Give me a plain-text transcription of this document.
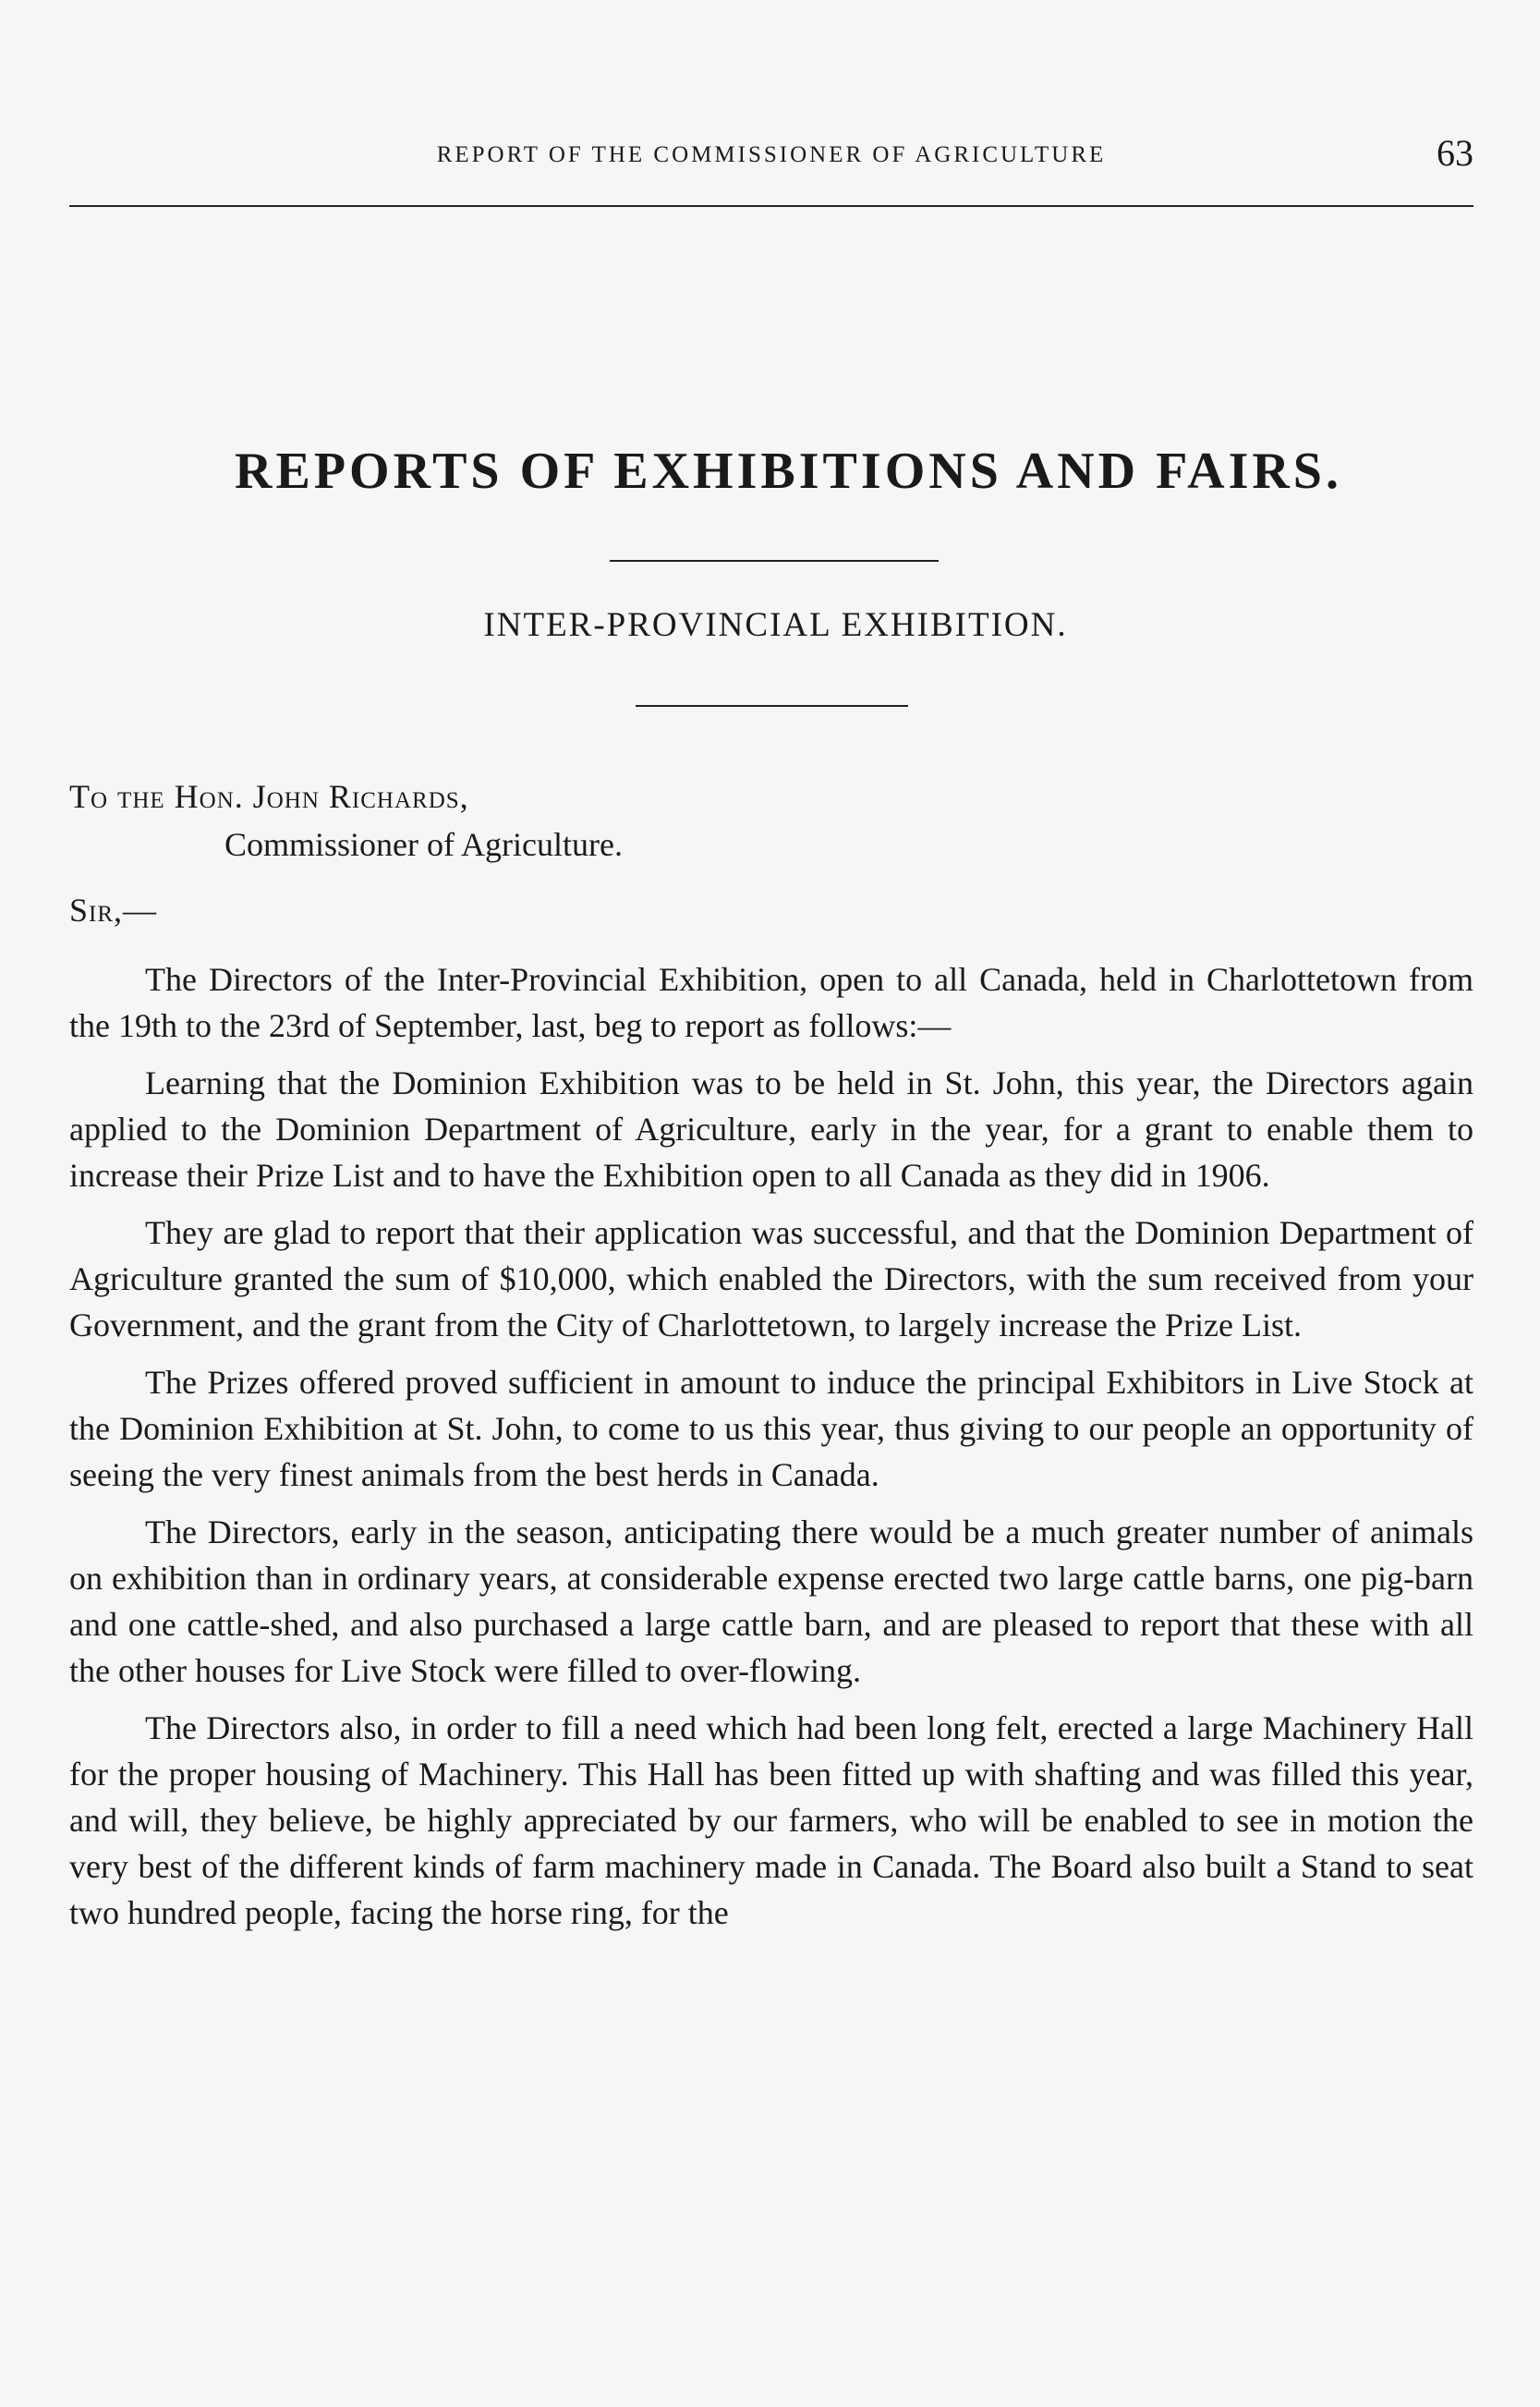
REPORT OF THE COMMISSIONER OF AGRICULTURE	63
REPORTS OF EXHIBITIONS AND FAIRS.
INTER-PROVINCIAL EXHIBITION.
To the Hon. John Richards,
Commissioner of Agriculture.
Sir,—

The Directors of the Inter-Provincial Exhibition, open to all Canada, held in Charlottetown from the 19th to the 23rd of September, last, beg to report as follows:—

Learning that the Dominion Exhibition was to be held in St. John, this year, the Directors again applied to the Dominion Department of Agriculture, early in the year, for a grant to enable them to increase their Prize List and to have the Exhibition open to all Canada as they did in 1906.

They are glad to report that their application was successful, and that the Dominion Department of Agriculture granted the sum of $10,000, which enabled the Directors, with the sum received from your Government, and the grant from the City of Charlottetown, to largely increase the Prize List.

The Prizes offered proved sufficient in amount to induce the principal Exhibitors in Live Stock at the Dominion Exhibition at St. John, to come to us this year, thus giving to our people an opportunity of seeing the very finest animals from the best herds in Canada.

The Directors, early in the season, anticipating there would be a much greater number of animals on exhibition than in ordinary years, at considerable expense erected two large cattle barns, one pig-barn and one cattle-shed, and also purchased a large cattle barn, and are pleased to report that these with all the other houses for Live Stock were filled to over-flowing.

The Directors also, in order to fill a need which had been long felt, erected a large Machinery Hall for the proper housing of Machinery. This Hall has been fitted up with shafting and was filled this year, and will, they believe, be highly appreciated by our farmers, who will be enabled to see in motion the very best of the different kinds of farm machinery made in Canada. The Board also built a Stand to seat two hundred people, facing the horse ring, for the
